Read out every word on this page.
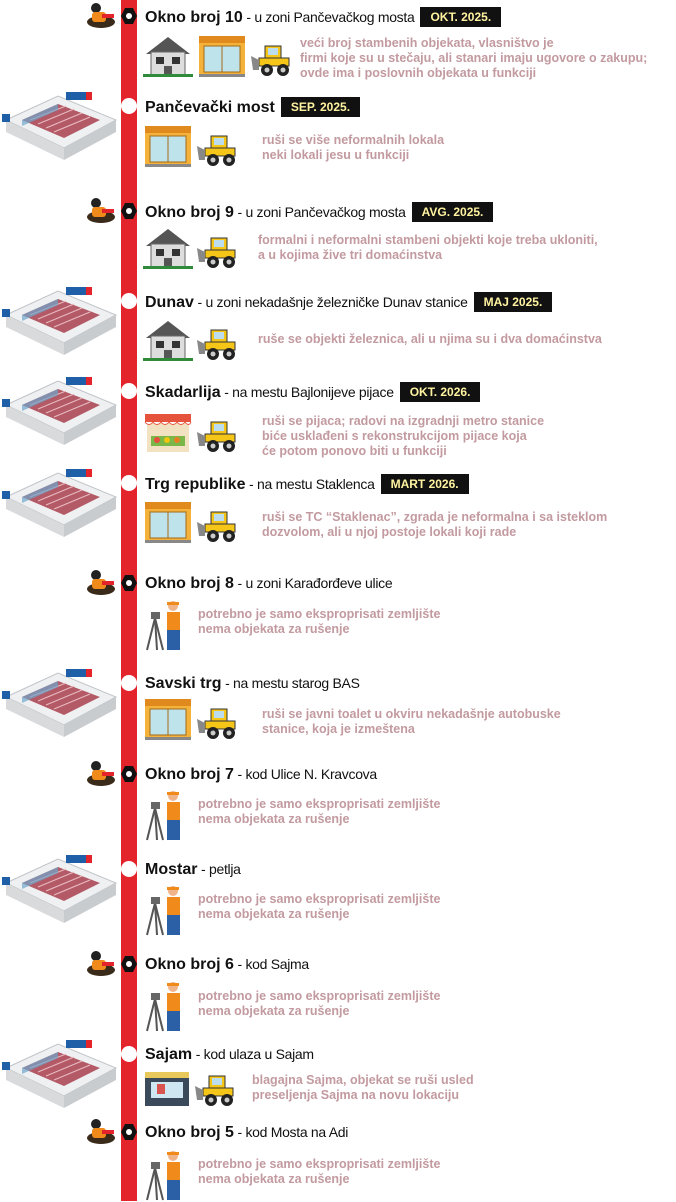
Okno broj 10 - u zoni Pančevačkog mosta OKT. 2025.
veći broj stambenih objekata, vlasništvo je
firmi koje su u stečaju, ali stanari imaju ugovore o zakupu;
ovde ima i poslovnih objekata u funkciji
Pančevački most SEP. 2025.
ruši se više neformalnih lokala
neki lokali jesu u funkciji
Okno broj 9 - u zoni Pančevačkog mosta AVG. 2025.
formalni i neformalni stambeni objekti koje treba ukloniti,
a u kojima žive tri domaćinstva
Dunav - u zoni nekadašnje železničke Dunav stanice MAJ 2025.
ruše se objekti železnica, ali u njima su i dva domaćinstva
Skadarlija - na mestu Bajlonijeve pijace OKT. 2026.
ruši se pijaca; radovi na izgradnji metro stanice
biće usklađeni s rekonstrukcijom pijace koja
će potom ponovo biti u funkciji
Trg republike - na mestu Staklenca MART 2026.
ruši se TC “Staklenac”, zgrada je neformalna i sa isteklom
dozvolom, ali u njoj postoje lokali koji rade
Okno broj 8 - u zoni Karađorđeve ulice
potrebno je samo eksproprisati zemljište
nema objekata za rušenje
Savski trg - na mestu starog BAS
ruši se javni toalet u okviru nekadašnje autobuske
stanice, koja je izmeštena
Okno broj 7 - kod Ulice N. Kravcova
potrebno je samo eksproprisati zemljište
nema objekata za rušenje
Mostar - petlja
potrebno je samo eksproprisati zemljište
nema objekata za rušenje
Okno broj 6 - kod Sajma
potrebno je samo eksproprisati zemljište
nema objekata za rušenje
Sajam - kod ulaza u Sajam
blagajna Sajma, objekat se ruši usled
preseljenja Sajma na novu lokaciju
Okno broj 5 - kod Mosta na Adi
potrebno je samo eksproprisati zemljište
nema objekata za rušenje
